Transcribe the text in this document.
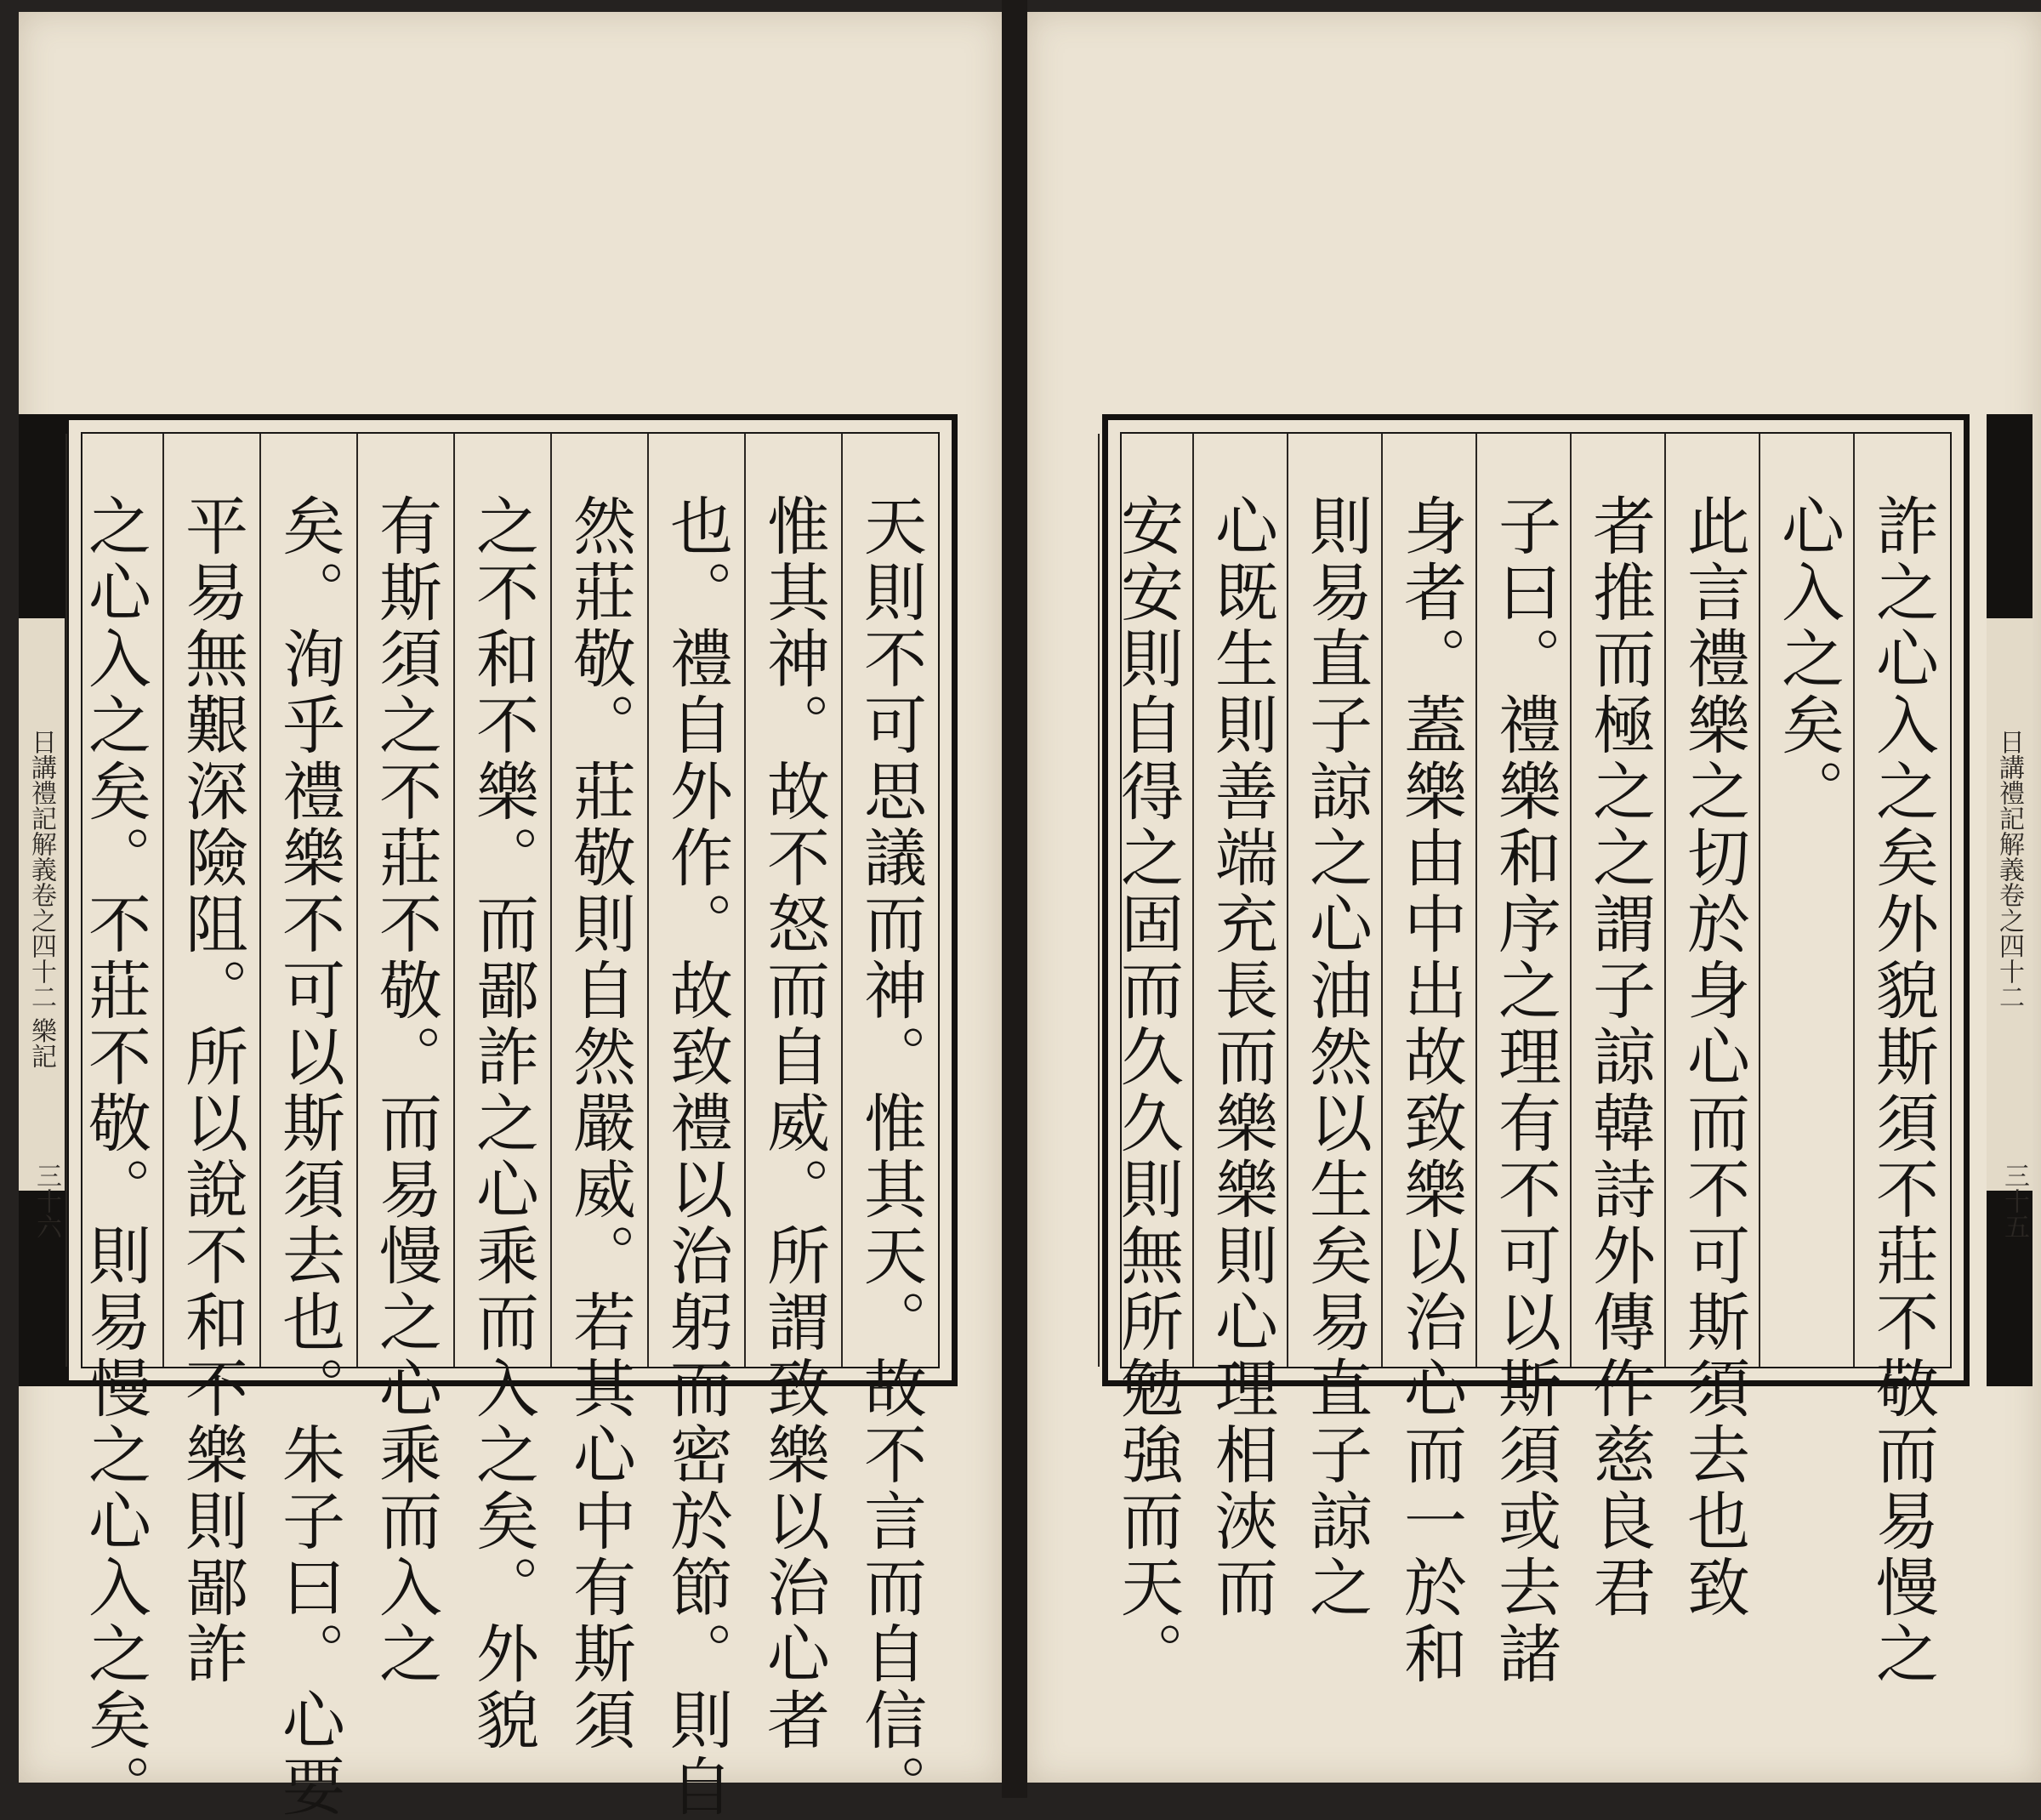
天則不可思議而神。惟其天。故不言而自信。
惟其神。故不怒而自威。所謂致樂以治心者
也。禮自外作。故致禮以治躬而密於節。則自
然莊敬。莊敬則自然嚴威。若其心中有斯須
之不和不樂。而鄙詐之心乘而入之矣。外貌
有斯須之不莊不敬。而易慢之心乘而入之
矣。洵乎禮樂不可以斯須去也。朱子曰。心要
平易無艱深險阻。所以說不和不樂則鄙詐
之心入之矣。不莊不敬。則易慢之心入之矣。
日講禮記解義卷之四十二 樂記
三十六	詐之心入之矣外貌斯須不莊不敬而易慢之
心入之矣。
此言禮樂之切於身心而不可斯須去也致
者推而極之之謂子諒韓詩外傳作慈良君
子曰。禮樂和序之理有不可以斯須或去諸
身者。蓋樂由中出故致樂以治心而一於和
則易直子諒之心油然以生矣易直子諒之
心既生則善端充長而樂樂則心理相浹而
安安則自得之固而久久則無所勉強而天。	日講禮記解義卷之四十二
三十五
